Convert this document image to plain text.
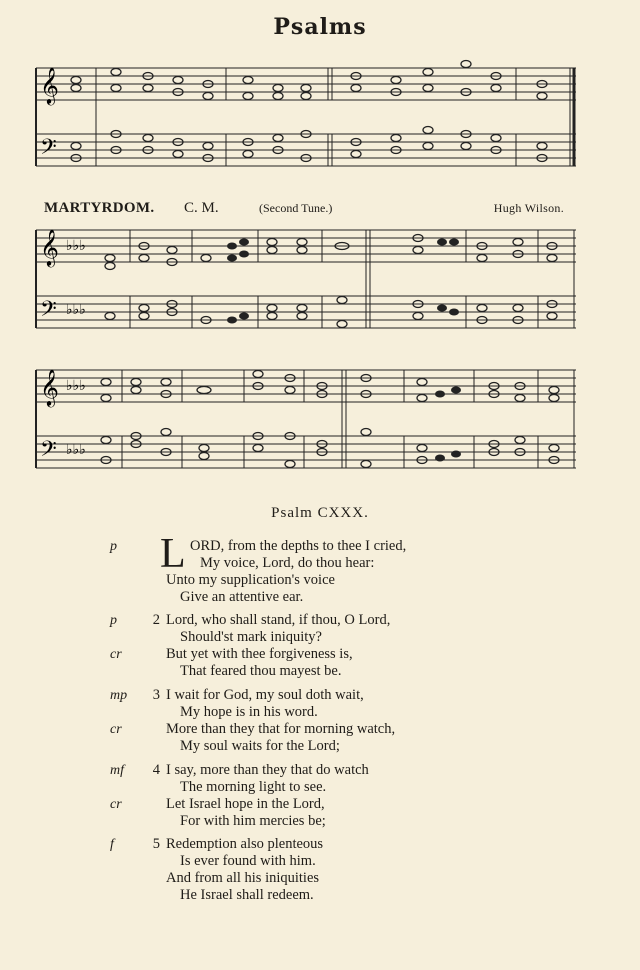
Psalms
𝄞
𝄢
𝄞
𝄢
♭♭♭
♭♭♭
𝄞
𝄢
♭♭♭
♭♭♭
MARTYRDOM. C. M.	(Second Tune.)	Hugh Wilson.
Psalm CXXX.
p	L ORD, from the depths to thee I cried,
My voice, Lord, do thou hear:
Unto my supplication's voice
Give an attentive ear.
p	2 Lord, who shall stand, if thou, O Lord,
Should'st mark iniquity?
cr	But yet with thee forgiveness is,
That feared thou mayest be.
mp	3 I wait for God, my soul doth wait,
My hope is in his word.
cr	More than they that for morning watch,
My soul waits for the Lord;
mf	4 I say, more than they that do watch
The morning light to see.
cr	Let Israel hope in the Lord,
For with him mercies be;
f	5 Redemption also plenteous
Is ever found with him.
And from all his iniquities
He Israel shall redeem.
